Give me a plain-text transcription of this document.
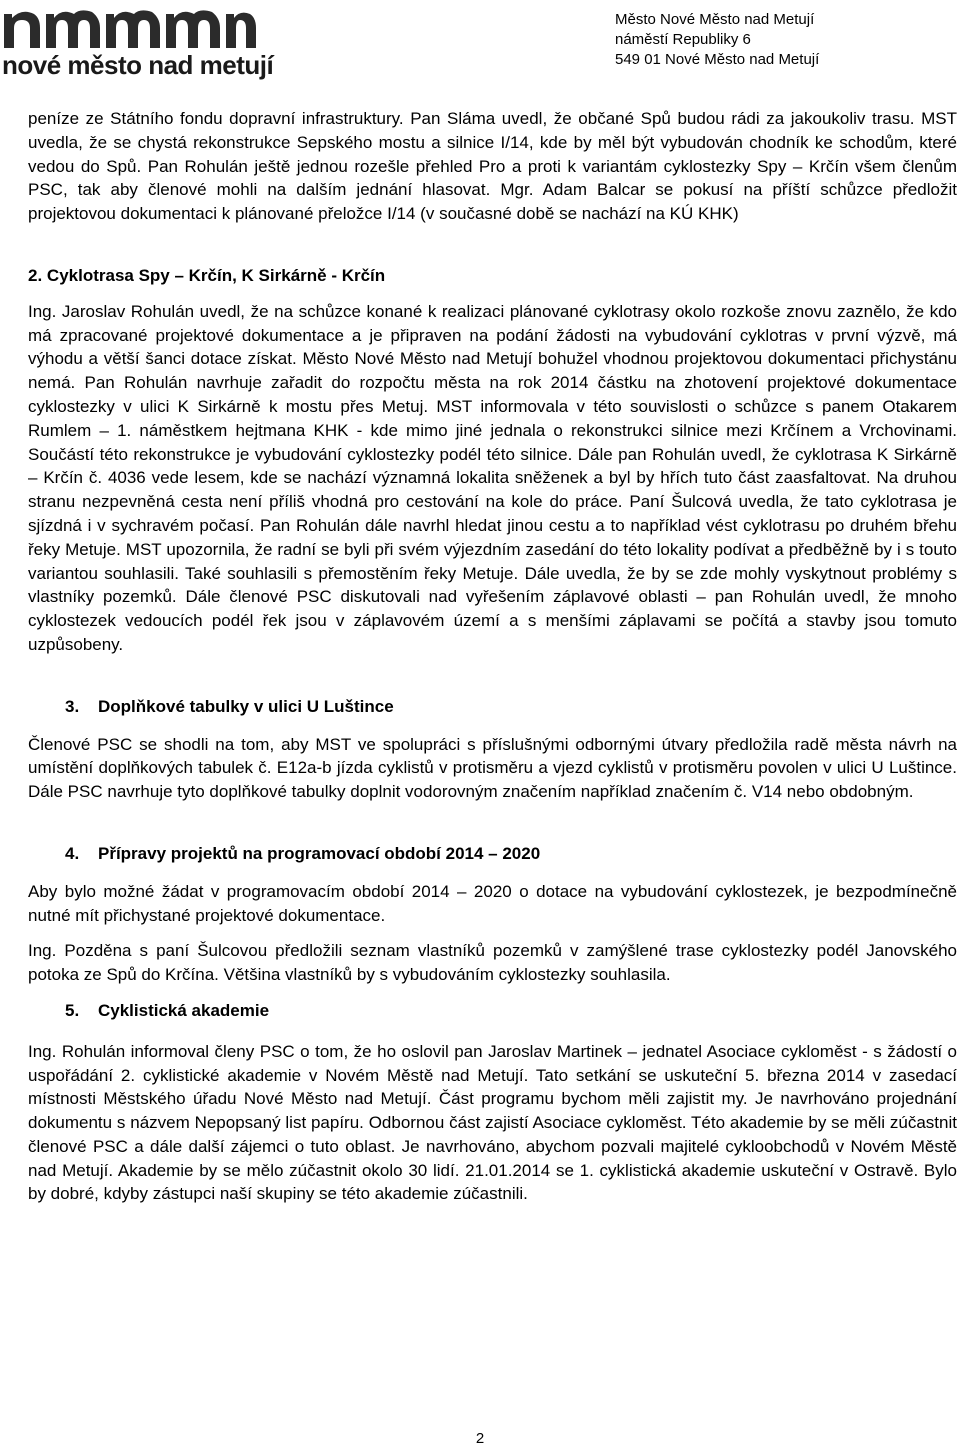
nové město nad metují
Město Nové Město nad Metují
náměstí Republiky 6
549 01 Nové Město nad Metují

peníze ze Státního fondu dopravní infrastruktury. Pan Sláma uvedl, že občané Spů budou rádi za jakoukoliv trasu. MST uvedla, že se chystá rekonstrukce Sepského mostu a silnice I/14, kde by měl být vybudován chodník ke schodům, které vedou do Spů. Pan Rohulán ještě jednou rozešle přehled Pro a proti k variantám cyklostezky Spy – Krčín všem členům PSC, tak aby členové mohli na dalším jednání hlasovat. Mgr. Adam Balcar se pokusí na příští schůzce předložit projektovou dokumentaci k plánované přeložce I/14 (v současné době se nachází na KÚ KHK)

2. Cyklotrasa Spy – Krčín, K Sirkárně - Krčín

Ing. Jaroslav Rohulán uvedl, že na schůzce konané k realizaci plánované cyklotrasy okolo rozkoše znovu zaznělo, že kdo má zpracované projektové dokumentace a je připraven na podání žádosti na vybudování cyklotras v první výzvě, má výhodu a větší šanci dotace získat. Město Nové Město nad Metují bohužel vhodnou projektovou dokumentaci přichystánu nemá. Pan Rohulán navrhuje zařadit do rozpočtu města na rok 2014 částku na zhotovení projektové dokumentace cyklostezky v ulici K Sirkárně k mostu přes Metuj. MST informovala v této souvislosti o schůzce s panem Otakarem Rumlem – 1. náměstkem hejtmana KHK - kde mimo jiné jednala o rekonstrukci silnice mezi Krčínem a Vrchovinami. Součástí této rekonstrukce je vybudování cyklostezky podél této silnice. Dále pan Rohulán uvedl, že cyklotrasa K Sirkárně – Krčín č. 4036 vede lesem, kde se nachází významná lokalita sněženek a byl by hřích tuto část zaasfaltovat. Na druhou stranu nezpevněná cesta není příliš vhodná pro cestování na kole do práce. Paní Šulcová uvedla, že tato cyklotrasa je sjízdná i v sychravém počasí. Pan Rohulán dále navrhl hledat jinou cestu a to například vést cyklotrasu po druhém břehu řeky Metuje. MST upozornila, že radní se byli při svém výjezdním zasedání do této lokality podívat a předběžně by i s touto variantou souhlasili. Také souhlasili s přemostěním řeky Metuje. Dále uvedla, že by se zde mohly vyskytnout problémy s vlastníky pozemků. Dále členové PSC diskutovali nad vyřešením záplavové oblasti – pan Rohulán uvedl, že mnoho cyklostezek vedoucích podél řek jsou v záplavovém území a s menšími záplavami se počítá a stavby jsou tomuto uzpůsobeny.

3. Doplňkové tabulky v ulici U Luštince

Členové PSC se shodli na tom, aby MST ve spolupráci s příslušnými odbornými útvary předložila radě města návrh na umístění doplňkových tabulek č. E12a-b jízda cyklistů v protisměru a vjezd cyklistů v protisměru povolen v ulici U Luštince. Dále PSC navrhuje tyto doplňkové tabulky doplnit vodorovným značením například značením č. V14 nebo obdobným.

4. Přípravy projektů na programovací období 2014 – 2020

Aby bylo možné žádat v programovacím období 2014 – 2020 o dotace na vybudování cyklostezek, je bezpodmínečně nutné mít přichystané projektové dokumentace.

Ing. Pozděna s paní Šulcovou předložili seznam vlastníků pozemků v zamýšlené trase cyklostezky podél Janovského potoka ze Spů do Krčína. Většina vlastníků by s vybudováním cyklostezky souhlasila.

5. Cyklistická akademie

Ing. Rohulán informoval členy PSC o tom, že ho oslovil pan Jaroslav Martinek – jednatel Asociace cykloměst - s žádostí o uspořádání 2. cyklistické akademie v Novém Městě nad Metují. Tato setkání se uskuteční 5. března 2014 v zasedací místnosti Městského úřadu Nové Město nad Metují. Část programu bychom měli zajistit my. Je navrhováno projednání dokumentu s názvem Nepopsaný list papíru. Odbornou část zajistí Asociace cykloměst. Této akademie by se měli zúčastnit členové PSC a dále další zájemci o tuto oblast. Je navrhováno, abychom pozvali majitelé cykloobchodů v Novém Městě nad Metují. Akademie by se mělo zúčastnit okolo 30 lidí. 21.01.2014 se 1. cyklistická akademie uskuteční v Ostravě. Bylo by dobré, kdyby zástupci naší skupiny se této akademie zúčastnili.

2
